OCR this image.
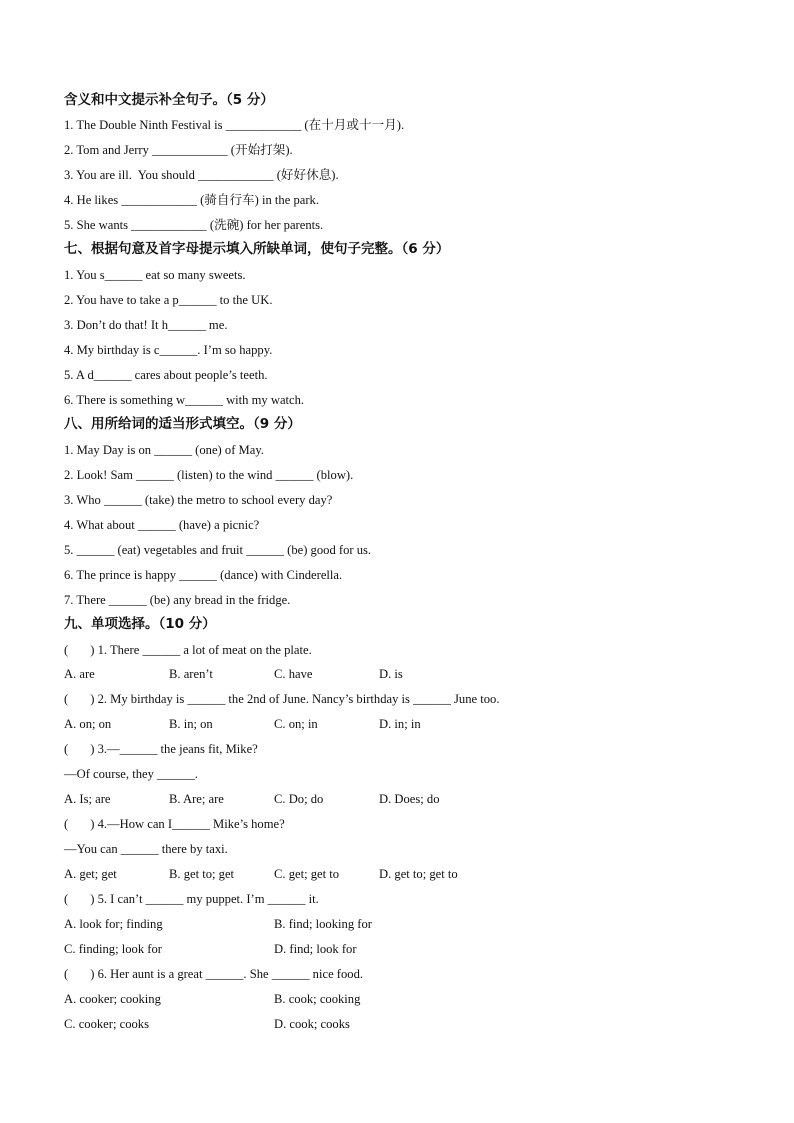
含义和中文提示补全句子。（5 分）
1. The Double Ninth Festival is ____________ (在十月或十一月).
2. Tom and Jerry ____________ (开始打架).
3. You are ill.  You should ____________ (好好休息).
4. He likes ____________ (骑自行车) in the park.
5. She wants ____________ (洗碗) for her parents.
七、根据句意及首字母提示填入所缺单词，使句子完整。（6 分）
1. You s______ eat so many sweets.
2. You have to take a p______ to the UK.
3. Don’t do that! It h______ me.
4. My birthday is c______. I’m so happy.
5. A d______ cares about people’s teeth.
6. There is something w______ with my watch.
八、用所给词的适当形式填空。（9 分）
1. May Day is on ______ (one) of May.
2. Look! Sam ______ (listen) to the wind ______ (blow).
3. Who ______ (take) the metro to school every day?
4. What about ______ (have) a picnic?
5. ______ (eat) vegetables and fruit ______ (be) good for us.
6. The prince is happy ______ (dance) with Cinderella.
7. There ______ (be) any bread in the fridge.
九、单项选择。（10 分）
(       ) 1. There ______ a lot of meat on the plate.
A. are	B. aren’t	C. have	D. is
(       ) 2. My birthday is ______ the 2nd of June. Nancy’s birthday is ______ June too.
A. on; on	B. in; on	C. on; in	D. in; in
(       ) 3.—______ the jeans fit, Mike?
—Of course, they ______.
A. Is; are	B. Are; are	C. Do; do	D. Does; do
(       ) 4.—How can I______ Mike’s home?
—You can ______ there by taxi.
A. get; get	B. get to; get	C. get; get to	D. get to; get to
(       ) 5. I can’t ______ my puppet. I’m ______ it.
A. look for; finding	B. find; looking for
C. finding; look for	D. find; look for
(       ) 6. Her aunt is a great ______. She ______ nice food.
A. cooker; cooking	B. cook; cooking
C. cooker; cooks	D. cook; cooks
